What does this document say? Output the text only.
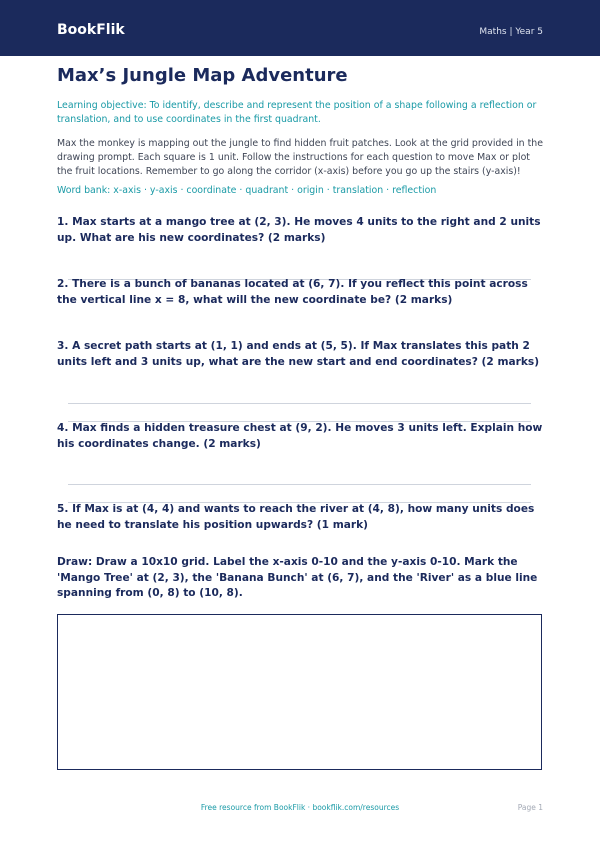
BookFlik	Maths | Year 5
Max’s Jungle Map Adventure

Learning objective: To identify, describe and represent the position of a shape following a reflection or translation, and to use coordinates in the first quadrant.

Max the monkey is mapping out the jungle to find hidden fruit patches. Look at the grid provided in the drawing prompt. Each square is 1 unit. Follow the instructions for each question to move Max or plot the fruit locations. Remember to go along the corridor (x-axis) before you go up the stairs (y-axis)!

Word bank: x-axis · y-axis · coordinate · quadrant · origin · translation · reflection

1. Max starts at a mango tree at (2, 3). He moves 4 units to the right and 2 units up. What are his new coordinates? (2 marks)

2. There is a bunch of bananas located at (6, 7). If you reflect this point across the vertical line x = 8, what will the new coordinate be? (2 marks)

3. A secret path starts at (1, 1) and ends at (5, 5). If Max translates this path 2 units left and 3 units up, what are the new start and end coordinates? (2 marks)

4. Max finds a hidden treasure chest at (9, 2). He moves 3 units left. Explain how his coordinates change. (2 marks)

5. If Max is at (4, 4) and wants to reach the river at (4, 8), how many units does he need to translate his position upwards? (1 mark)

Draw: Draw a 10x10 grid. Label the x-axis 0-10 and the y-axis 0-10. Mark the 'Mango Tree' at (2, 3), the 'Banana Bunch' at (6, 7), and the 'River' as a blue line spanning from (0, 8) to (10, 8).

Free resource from BookFlik · bookflik.com/resources	Page 1
